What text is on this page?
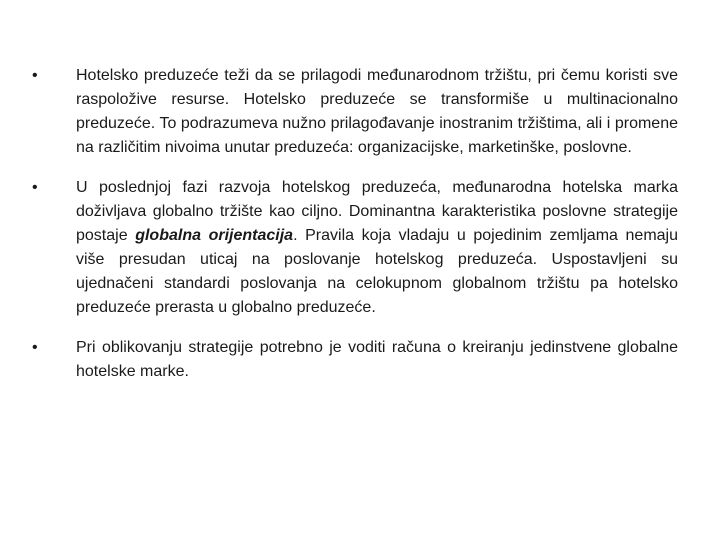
•	Hotelsko preduzeće teži da se prilagodi međunarodnom tržištu, pri čemu koristi sve raspoložive resurse. Hotelsko preduzeće se transformiše u multinacionalno preduzeće. To podrazumeva nužno prilagođavanje inostranim tržištima, ali i promene na različitim nivoima unutar preduzeća: organizacijske, marketinške, poslovne.
•	U poslednjoj fazi razvoja hotelskog preduzeća, međunarodna hotelska marka doživljava globalno tržište kao ciljno. Dominantna karakteristika poslovne strategije postaje globalna orijentacija. Pravila koja vladaju u pojedinim zemljama nemaju više presudan uticaj na poslovanje hotelskog preduzeća. Uspostavljeni su ujednačeni standardi poslovanja na celokupnom globalnom tržištu pa hotelsko preduzeće prerasta u globalno preduzeće.
•	Pri oblikovanju strategije potrebno je voditi računa o kreiranju jedinstvene globalne hotelske marke.
